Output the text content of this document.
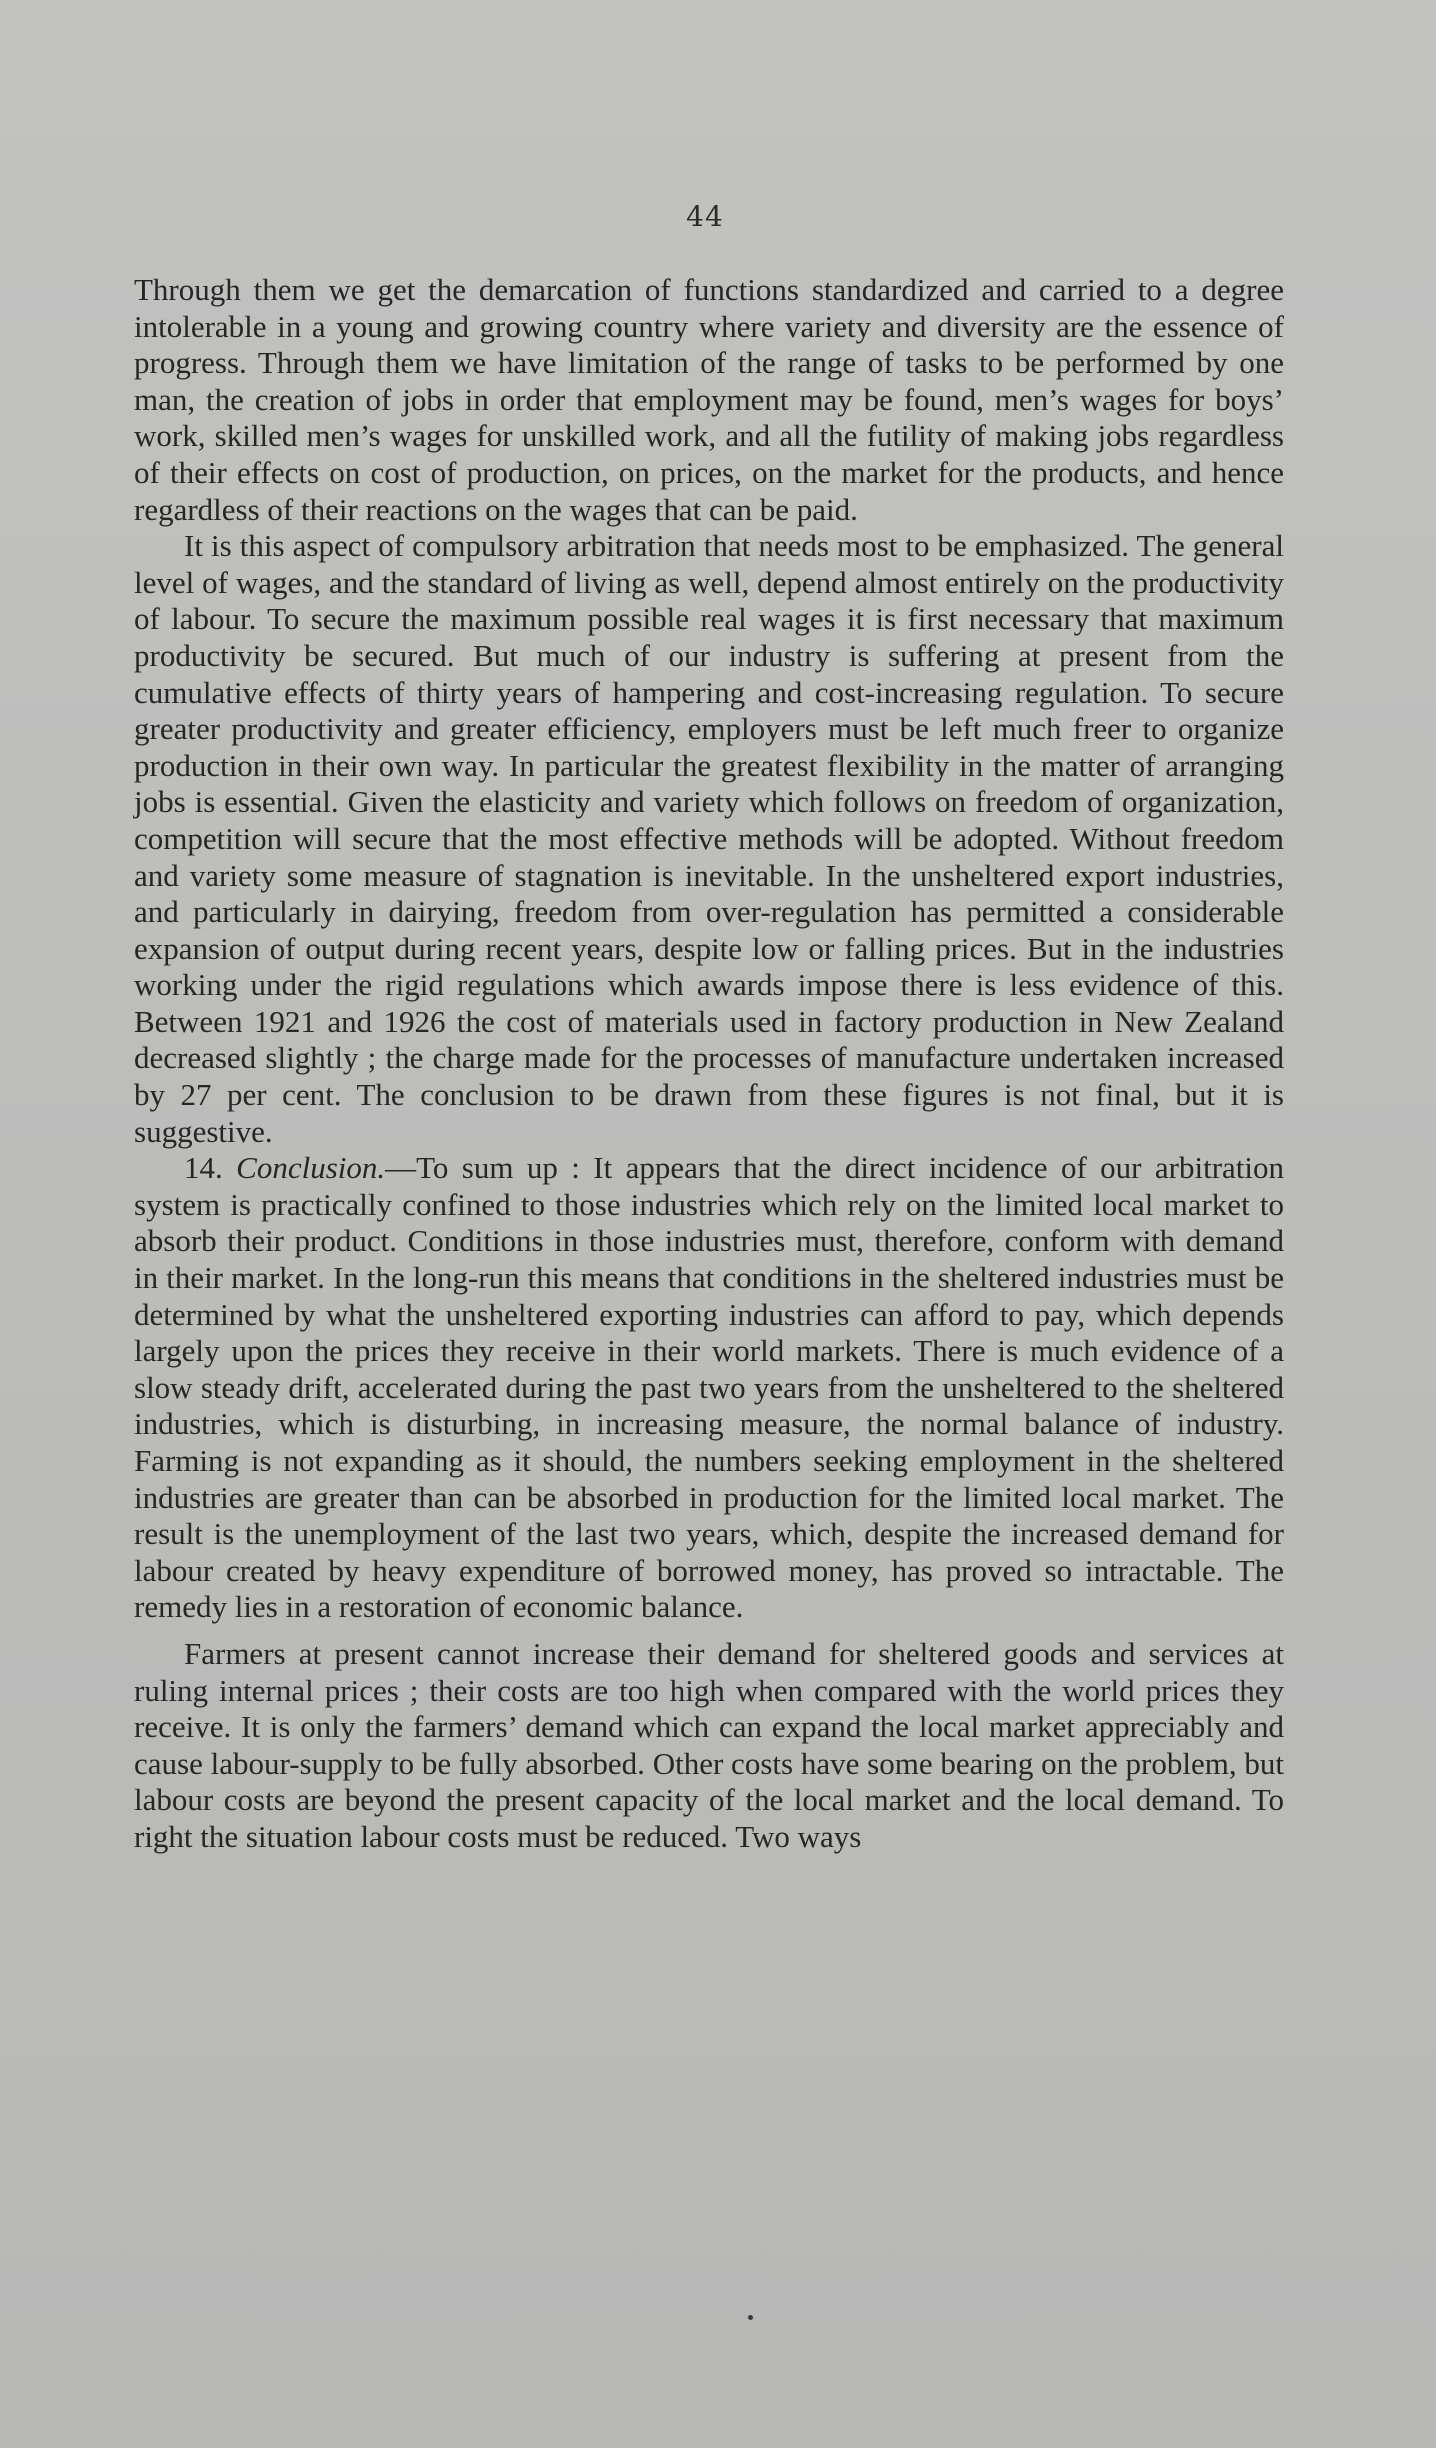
44

Through them we get the demarcation of functions standardized and carried to a degree intolerable in a young and growing country where variety and diversity are the essence of progress. Through them we have limitation of the range of tasks to be performed by one man, the creation of jobs in order that employment may be found, men’s wages for boys’ work, skilled men’s wages for unskilled work, and all the futility of making jobs regardless of their effects on cost of production, on prices, on the market for the products, and hence regardless of their reactions on the wages that can be paid.

It is this aspect of compulsory arbitration that needs most to be emphasized. The general level of wages, and the standard of living as well, depend almost entirely on the productivity of labour. To secure the maximum possible real wages it is first necessary that maximum productivity be secured. But much of our industry is suffering at present from the cumulative effects of thirty years of hampering and cost-increasing regulation. To secure greater productivity and greater efficiency, employers must be left much freer to organize production in their own way. In particular the greatest flexibility in the matter of arranging jobs is essential. Given the elasticity and variety which follows on freedom of organization, competition will secure that the most effective methods will be adopted. Without freedom and variety some measure of stagnation is inevitable. In the unsheltered export industries, and particularly in dairying, freedom from over-regulation has permitted a considerable expansion of output during recent years, despite low or falling prices. But in the industries working under the rigid regulations which awards impose there is less evidence of this. Between 1921 and 1926 the cost of materials used in factory production in New Zealand decreased slightly ; the charge made for the processes of manufacture undertaken increased by 27 per cent. The conclusion to be drawn from these figures is not final, but it is suggestive.

14. Conclusion.—To sum up : It appears that the direct incidence of our arbitration system is practically confined to those industries which rely on the limited local market to absorb their product. Conditions in those industries must, therefore, conform with demand in their market. In the long-run this means that conditions in the sheltered industries must be determined by what the unsheltered exporting industries can afford to pay, which depends largely upon the prices they receive in their world markets. There is much evidence of a slow steady drift, accelerated during the past two years from the unsheltered to the sheltered industries, which is disturbing, in increasing measure, the normal balance of industry. Farming is not expanding as it should, the numbers seeking employment in the sheltered industries are greater than can be absorbed in production for the limited local market. The result is the unemployment of the last two years, which, despite the increased demand for labour created by heavy expenditure of borrowed money, has proved so intractable. The remedy lies in a restoration of economic balance.

Farmers at present cannot increase their demand for sheltered goods and services at ruling internal prices ; their costs are too high when compared with the world prices they receive. It is only the farmers’ demand which can expand the local market appreciably and cause labour-supply to be fully absorbed. Other costs have some bearing on the problem, but labour costs are beyond the present capacity of the local market and the local demand. To right the situation labour costs must be reduced. Two ways
